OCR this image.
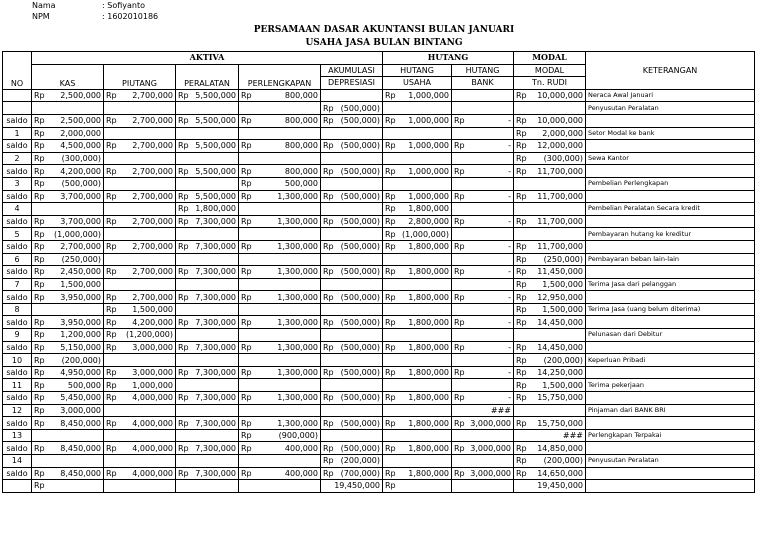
Nama	: Sofiyanto
NPM	: 1602010186
PERSAMAAN DASAR AKUNTANSI BULAN JANUARI
USAHA JASA BULAN BINTANG
NO	AKTIVA					HUTANG		MODAL	KETERANGAN
	KAS	PIUTANG	PERALATAN	PERLENGKAPAN	AKUMULASI	HUTANG	HUTANG	MODAL	
					DEPRESIASI	USAHA	BANK	Tn. RUDI	

	Rp 2,500,000	Rp 2,700,000	Rp 5,500,000	Rp 800,000		Rp 1,000,000		Rp 10,000,000	Neraca Awal Januari

					Rp (500,000)				Penyusutan Peralatan
saldo	Rp 2,500,000	Rp 2,700,000	Rp 5,500,000	Rp 800,000	Rp (500,000)	Rp 1,000,000	Rp -	Rp 10,000,000	

1	Rp 2,000,000							Rp 2,000,000	Setor Modal ke bank
saldo	Rp 4,500,000	Rp 2,700,000	Rp 5,500,000	Rp 800,000	Rp (500,000)	Rp 1,000,000	Rp -	Rp 12,000,000	

2	Rp (300,000)							Rp (300,000)	Sewa Kantor
saldo	Rp 4,200,000	Rp 2,700,000	Rp 5,500,000	Rp 800,000	Rp (500,000)	Rp 1,000,000	Rp -	Rp 11,700,000	

3	Rp (500,000)			Rp 500,000					Pembelian Perlengkapan
saldo	Rp 3,700,000	Rp 2,700,000	Rp 5,500,000	Rp 1,300,000	Rp (500,000)	Rp 1,000,000	Rp -	Rp 11,700,000	

4			Rp 1,800,000			Rp 1,800,000			Pembelian Peralatan Secara kredit
saldo	Rp 3,700,000	Rp 2,700,000	Rp 7,300,000	Rp 1,300,000	Rp (500,000)	Rp 2,800,000	Rp -	Rp 11,700,000	

5	Rp (1,000,000)					Rp (1,000,000)			Pembayaran hutang ke kreditur
saldo	Rp 2,700,000	Rp 2,700,000	Rp 7,300,000	Rp 1,300,000	Rp (500,000)	Rp 1,800,000	Rp -	Rp 11,700,000	

6	Rp (250,000)							Rp (250,000)	Pembayaran beban lain-lain
saldo	Rp 2,450,000	Rp 2,700,000	Rp 7,300,000	Rp 1,300,000	Rp (500,000)	Rp 1,800,000	Rp -	Rp 11,450,000	

7	Rp 1,500,000							Rp 1,500,000	Terima Jasa dari pelanggan
saldo	Rp 3,950,000	Rp 2,700,000	Rp 7,300,000	Rp 1,300,000	Rp (500,000)	Rp 1,800,000	Rp -	Rp 12,950,000	

8		Rp 1,500,000						Rp 1,500,000	Terima Jasa (uang belum diterima)
saldo	Rp 3,950,000	Rp 4,200,000	Rp 7,300,000	Rp 1,300,000	Rp (500,000)	Rp 1,800,000	Rp -	Rp 14,450,000	

9	Rp 1,200,000	Rp (1,200,000)							Pelunasan dari Debitur
saldo	Rp 5,150,000	Rp 3,000,000	Rp 7,300,000	Rp 1,300,000	Rp (500,000)	Rp 1,800,000	Rp -	Rp 14,450,000	

10	Rp (200,000)							Rp (200,000)	Keperluan Pribadi
saldo	Rp 4,950,000	Rp 3,000,000	Rp 7,300,000	Rp 1,300,000	Rp (500,000)	Rp 1,800,000	Rp -	Rp 14,250,000	

11	Rp 500,000	Rp 1,000,000						Rp 1,500,000	Terima pekerjaan
saldo	Rp 5,450,000	Rp 4,000,000	Rp 7,300,000	Rp 1,300,000	Rp (500,000)	Rp 1,800,000	Rp -	Rp 15,750,000	

12	Rp 3,000,000						###		Pinjaman dari BANK BRI
saldo	Rp 8,450,000	Rp 4,000,000	Rp 7,300,000	Rp 1,300,000	Rp (500,000)	Rp 1,800,000	Rp 3,000,000	Rp 15,750,000	

13				Rp (900,000)				###	Perlengkapan Terpakai
saldo	Rp 8,450,000	Rp 4,000,000	Rp 7,300,000	Rp 400,000	Rp (500,000)	Rp 1,800,000	Rp 3,000,000	Rp 14,850,000	

14					Rp (200,000)			Rp (200,000)	Penyusutan Peralatan
saldo	Rp 8,450,000	Rp 4,000,000	Rp 7,300,000	Rp 400,000	Rp (700,000)	Rp 1,800,000	Rp 3,000,000	Rp 14,650,000	

	Rp				19,450,000	Rp		19,450,000	
